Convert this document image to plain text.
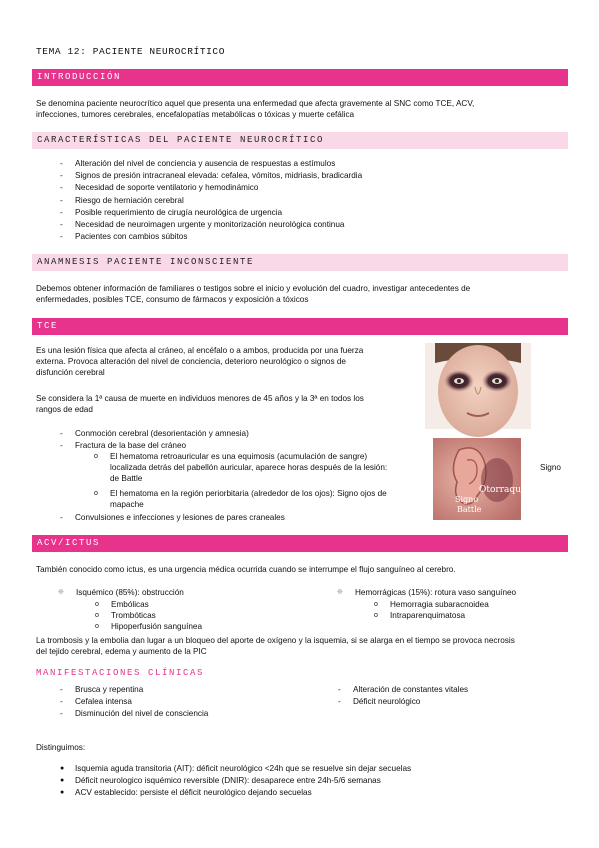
TEMA 12: PACIENTE NEUROCRÍTICO
INTRODUCCIÓN
Se denomina paciente neurocrítico aquel que presenta una enfermedad que afecta gravemente al SNC como TCE, ACV,
infecciones, tumores cerebrales, encefalopatías metabólicas o tóxicas y muerte cefálica
CARACTERÍSTICAS DEL PACIENTE NEUROCRÍTICO
- Alteración del nivel de conciencia y ausencia de respuestas a estímulos
- Signos de presión intracraneal elevada: cefalea, vómitos, midriasis, bradicardia
- Necesidad de soporte ventilatorio y hemodinámico
- Riesgo de herniación cerebral
- Posible requerimiento de cirugía neurológica de urgencia
- Necesidad de neuroimagen urgente y monitorización neurológica continua
- Pacientes con cambios súbitos
ANAMNESIS PACIENTE INCONSCIENTE
Debemos obtener información de familiares o testigos sobre el inicio y evolución del cuadro, investigar antecedentes de
enfermedades, posibles TCE, consumo de fármacos y exposición a tóxicos
TCE
Es una lesión física que afecta al cráneo, al encéfalo o a ambos, producida por una fuerza
externa. Provoca alteración del nivel de conciencia, deterioro neurológico o signos de
disfunción cerebral
Se considera la 1ª causa de muerte en individuos menores de 45 años y la 3ª en todos los
rangos de edad
- Conmoción cerebral (desorientación y amnesia)
- Fractura de la base del cráneo
o El hematoma retroauricular es una equimosis (acumulación de sangre)
localizada detrás del pabellón auricular, aparece horas después de la lesión:
de Battle
Signo
o El hematoma en la región periorbitaria (alrededor de los ojos): Signo ojos de
mapache
Otorraquia
Signo
Battle
- Convulsiones e infecciones y lesiones de pares craneales
ACV/ICTUS
También conocido como ictus, es una urgencia médica ocurrida cuando se interrumpe el flujo sanguíneo al cerebro.
❊ Isquémico (85%): obstrucción
o Embólicas
o Trombóticas
o Hipoperfusión sanguínea
❊ Hemorrágicas (15%): rotura vaso sanguíneo
o Hemorragia subaracnoidea
o Intraparenquimatosa
La trombosis y la embolia dan lugar a un bloqueo del aporte de oxígeno y la isquemia, si se alarga en el tiempo se provoca necrosis
del tejido cerebral, edema y aumento de la PIC
MANIFESTACIONES CLÍNICAS
- Brusca y repentina
- Cefalea intensa
- Disminución del nivel de consciencia
- Alteración de constantes vitales
- Déficit neurológico
Distinguimos:
● Isquemia aguda transitoria (AIT): déficit neurológico <24h que se resuelve sin dejar secuelas
● Déficit neurologico isquémico reversible (DNIR): desaparece entre 24h-5/6 semanas
● ACV establecido: persiste el déficit neurológico dejando secuelas
